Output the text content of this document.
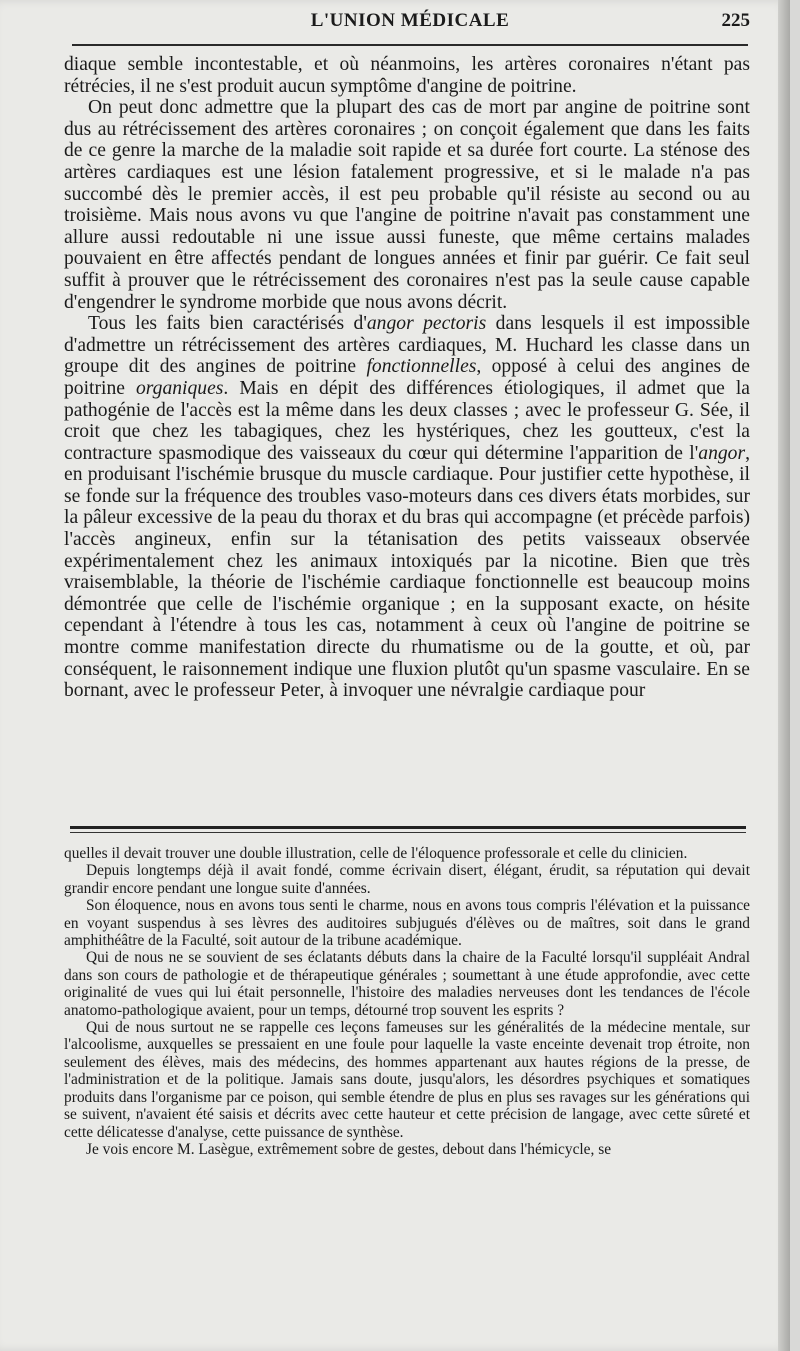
L'UNION MÉDICALE	225

diaque semble incontestable, et où néanmoins, les artères coronaires n'étant pas rétrécies, il ne s'est produit aucun symptôme d'angine de poitrine.

On peut donc admettre que la plupart des cas de mort par angine de poitrine sont dus au rétrécissement des artères coronaires ; on conçoit également que dans les faits de ce genre la marche de la maladie soit rapide et sa durée fort courte. La sténose des artères cardiaques est une lésion fatalement progressive, et si le malade n'a pas succombé dès le premier accès, il est peu probable qu'il résiste au second ou au troisième. Mais nous avons vu que l'angine de poitrine n'avait pas constamment une allure aussi redoutable ni une issue aussi funeste, que même certains malades pouvaient en être affectés pendant de longues années et finir par guérir. Ce fait seul suffit à prouver que le rétrécissement des coronaires n'est pas la seule cause capable d'engendrer le syndrome morbide que nous avons décrit.

Tous les faits bien caractérisés d'angor pectoris dans lesquels il est impossible d'admettre un rétrécissement des artères cardiaques, M. Huchard les classe dans un groupe dit des angines de poitrine fonctionnelles, opposé à celui des angines de poitrine organiques. Mais en dépit des différences étiologiques, il admet que la pathogénie de l'accès est la même dans les deux classes ; avec le professeur G. Sée, il croit que chez les tabagiques, chez les hystériques, chez les goutteux, c'est la contracture spasmodique des vaisseaux du cœur qui détermine l'apparition de l'angor, en produisant l'ischémie brusque du muscle cardiaque. Pour justifier cette hypothèse, il se fonde sur la fréquence des troubles vaso-moteurs dans ces divers états morbides, sur la pâleur excessive de la peau du thorax et du bras qui accompagne (et précède parfois) l'accès angineux, enfin sur la tétanisation des petits vaisseaux observée expérimentalement chez les animaux intoxiqués par la nicotine. Bien que très vraisemblable, la théorie de l'ischémie cardiaque fonctionnelle est beaucoup moins démontrée que celle de l'ischémie organique ; en la supposant exacte, on hésite cependant à l'étendre à tous les cas, notamment à ceux où l'angine de poitrine se montre comme manifestation directe du rhumatisme ou de la goutte, et où, par conséquent, le raisonnement indique une fluxion plutôt qu'un spasme vasculaire. En se bornant, avec le professeur Peter, à invoquer une névralgie cardiaque pour

quelles il devait trouver une double illustration, celle de l'éloquence professorale et celle du clinicien.

Depuis longtemps déjà il avait fondé, comme écrivain disert, élégant, érudit, sa réputation qui devait grandir encore pendant une longue suite d'années.

Son éloquence, nous en avons tous senti le charme, nous en avons tous compris l'élévation et la puissance en voyant suspendus à ses lèvres des auditoires subjugués d'élèves ou de maîtres, soit dans le grand amphithéâtre de la Faculté, soit autour de la tribune académique.

Qui de nous ne se souvient de ses éclatants débuts dans la chaire de la Faculté lorsqu'il suppléait Andral dans son cours de pathologie et de thérapeutique générales ; soumettant à une étude approfondie, avec cette originalité de vues qui lui était personnelle, l'histoire des maladies nerveuses dont les tendances de l'école anatomo-pathologique avaient, pour un temps, détourné trop souvent les esprits ?

Qui de nous surtout ne se rappelle ces leçons fameuses sur les généralités de la médecine mentale, sur l'alcoolisme, auxquelles se pressaient en une foule pour laquelle la vaste enceinte devenait trop étroite, non seulement des élèves, mais des médecins, des hommes appartenant aux hautes régions de la presse, de l'administration et de la politique. Jamais sans doute, jusqu'alors, les désordres psychiques et somatiques produits dans l'organisme par ce poison, qui semble étendre de plus en plus ses ravages sur les générations qui se suivent, n'avaient été saisis et décrits avec cette hauteur et cette précision de langage, avec cette sûreté et cette délicatesse d'analyse, cette puissance de synthèse.

Je vois encore M. Lasègue, extrêmement sobre de gestes, debout dans l'hémicycle, se
